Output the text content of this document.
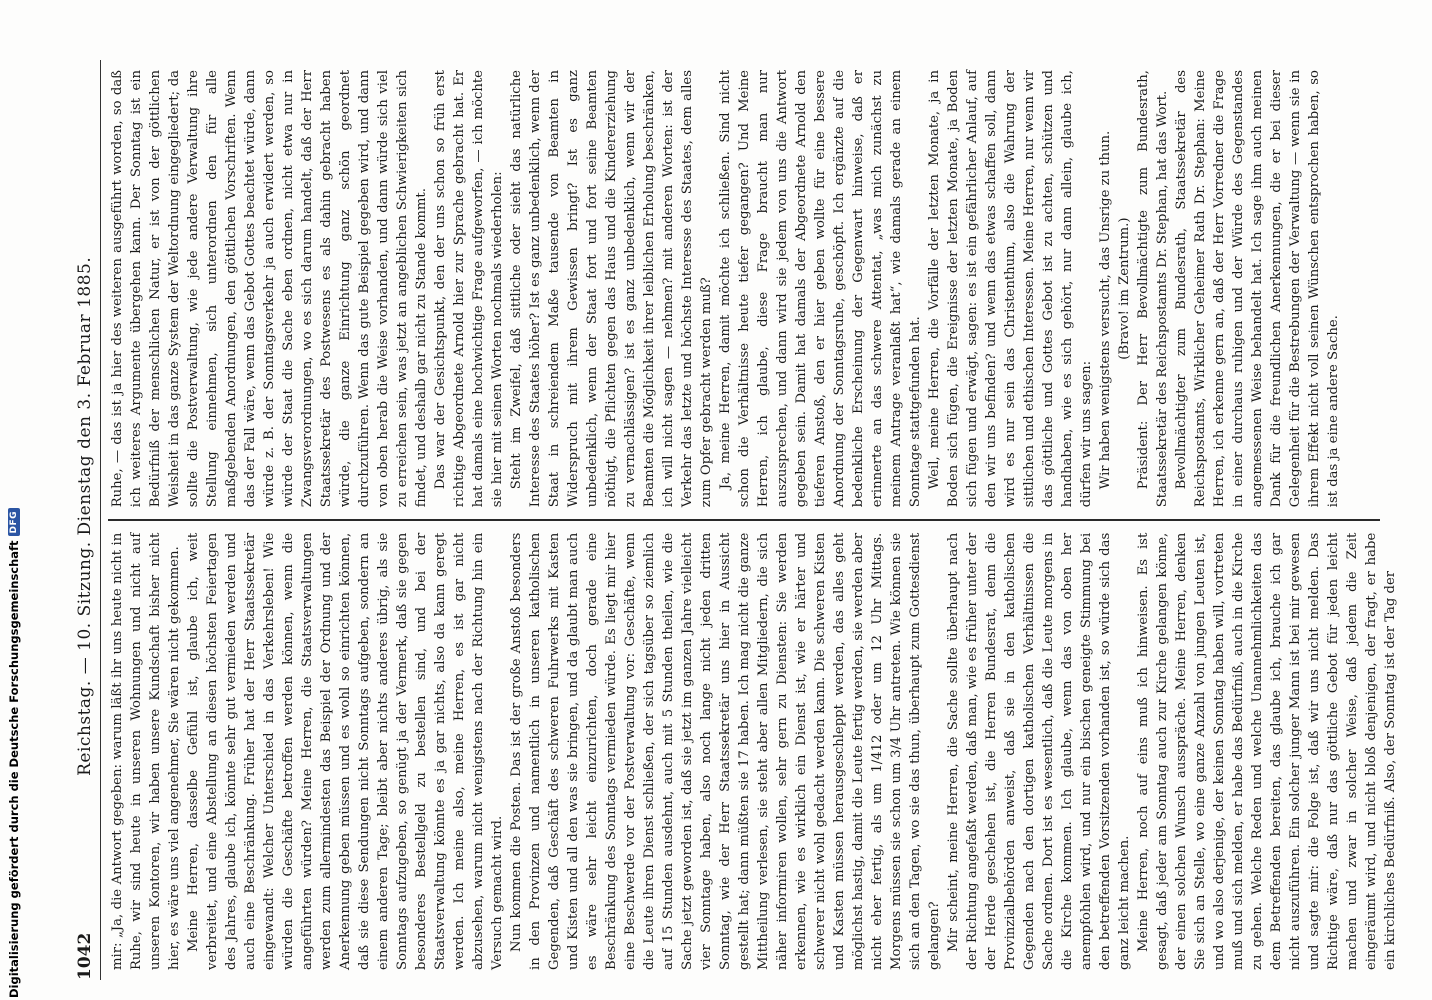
1042
Reichstag. — 10. Sitzung. Dienstag den 3. Februar 1885. mir: „Ja, die Antwort gegeben: warum läßt ihr uns heute nicht in Ruhe, wir sind heute in unseren Wohnungen und nicht auf unseren Kontoren, wir haben unsere Kundschaft bisher nicht hier, es wäre uns viel angenehmer, Sie wären nicht gekommen. Meine Herren, dasselbe Gefühl ist, glaube ich, weit verbreitet, und eine Abstellung an diesen höchsten Feiertagen des Jahres, glaube ich, könnte sehr gut vermieden werden und auch eine Beschränkung. Früher hat der Herr Staatssekretär eingewandt: Welcher Unterschied in das Verkehrsleben! Wie würden die Geschäfte betroffen werden können, wenn die angeführten würden? Meine Herren, die Staatsverwaltungen werden zum allermindesten das Beispiel der Ordnung und der Anerkennung geben müssen und es wohl so einrichten können, daß sie diese Sendungen nicht Sonntags aufgeben, sondern an einem anderen Tage; bleibt aber nichts anderes übrig, als sie Sonntags aufzugeben, so genügt ja der Vermerk, daß sie gegen besonderes Bestellgeld zu bestellen sind, und bei der Staatsverwaltung könnte es ja gar nichts, also da kann geregt werden. Ich meine also, meine Herren, es ist gar nicht abzusehen, warum nicht wenigstens nach der Richtung hin ein Versuch gemacht wird. Nun kommen die Posten. Das ist der große Anstoß besonders in den Provinzen und namentlich in unseren katholischen Gegenden, daß Geschäft des schweren Fuhrwerks mit Kasten und Kisten und all den was sie bringen, und da glaubt man auch es wäre sehr leicht einzurichten, doch gerade eine Beschränkung des Sonntags vermieden würde. Es liegt mir hier eine Beschwerde vor der Postverwaltung vor: Geschäfte, wenn die Leute ihren Dienst schließen, der sich tagsüber so ziemlich auf 15 Stunden ausdehnt, auch mit 5 Stunden theilen, wie die Sache jetzt geworden ist, daß sie jetzt im ganzen Jahre vielleicht vier Sonntage haben, also noch lange nicht jeden dritten Sonntag, wie der Herr Staatssekretär uns hier in Aussicht gestellt hat; dann müßten sie 17 haben. Ich mag nicht die ganze Mittheilung verlesen, sie steht aber allen Mitgliedern, die sich näher informiren wollen, sehr gern zu Diensten: Sie werden erkennen, wie es wirklich ein Dienst ist, wie er härter und schwerer nicht wohl gedacht werden kann. Die schweren Kisten und Kasten müssen herausgeschleppt werden, das alles geht möglichst hastig, damit die Leute fertig werden, sie werden aber nicht eher fertig, als um 1/412 oder um 12 Uhr Mittags. Morgens müssen sie schon um 3/4 Uhr antreten. Wie können sie sich an den Tagen, wo sie das thun, überhaupt zum Gottesdienst gelangen? Mir scheint, meine Herren, die Sache sollte überhaupt nach der Richtung angefaßt werden, daß man, wie es früher unter der der Herde geschehen ist, die Herren Bundesrat, denn die Provinzialbehörden anweist, daß sie in den katholischen Gegenden nach den dortigen katholischen Verhältnissen die Sache ordnen. Dort ist es wesentlich, daß die Leute morgens in die Kirche kommen. Ich glaube, wenn das von oben her anempfohlen wird, und nur ein bischen geneigte Stimmung bei den betreffenden Vorsitzenden vorhanden ist, so würde sich das ganz leicht machen. Meine Herren, noch auf eins muß ich hinweisen. Es ist gesagt, daß jeder am Sonntag auch zur Kirche gelangen könne, der einen solchen Wunsch ausspräche. Meine Herren, denken Sie sich an Stelle, wo eine ganze Anzahl von jungen Leuten ist, und wo also derjenige, der keinen Sonntag haben will, vortreten muß und sich melden, er habe das Bedürfniß, auch in die Kirche zu gehen. Welche Reden und welche Unannehmlichkeiten das dem Betreffenden bereiten, das glaube ich, brauche ich gar nicht auszuführen. Ein solcher junger Mann ist bei mir gewesen und sagte mir: die Folge ist, daß wir uns nicht melden. Das Richtige wäre, daß nur das göttliche Gebot für jeden leicht machen und zwar in solcher Weise, daß jedem die Zeit eingeräumt wird, und nicht bloß denjenigen, der fragt, er habe ein kirchliches Bedürfniß. Also, der Sonntag ist der Tag der

Ruhe, — das ist ja hier des weiteren ausgeführt worden, so daß ich weiteres Argumente übergehen kann. Der Sonntag ist ein Bedürfniß der menschlichen Natur, er ist von der göttlichen Weisheit in das ganze System der Weltordnung eingegliedert; da sollte die Postverwaltung, wie jede andere Verwaltung ihre Stellung einnehmen, sich unterordnen den für alle maßgebenden Anordnungen, den göttlichen Vorschriften. Wenn das der Fall wäre, wenn das Gebot Gottes beachtet würde, dann würde z. B. der Sonntagsverkehr ja auch erwidert werden, so würde der Staat die Sache eben ordnen, nicht etwa nur in Zwangsverordnungen, wo es sich darum handelt, daß der Herr Staatssekretär des Postwesens es als dahin gebracht haben würde, die ganze Einrichtung ganz schön geordnet durchzuführen. Wenn das gute Beispiel gegeben wird, und dann von oben herab die Weise vorhanden, und dann würde sich viel zu erreichen sein, was jetzt an angeblichen Schwierigkeiten sich findet, und deshalb gar nicht zu Stande kommt. Das war der Gesichtspunkt, den der uns schon so früh erst richtige Abgeordnete Arnold hier zur Sprache gebracht hat. Er hat damals eine hochwichtige Frage aufgeworfen, — ich möchte sie hier mit seinen Worten nochmals wiederholen: Steht im Zweifel, daß sittliche oder sieht das natürliche Interesse des Staates höher? Ist es ganz unbedenklich, wenn der Staat in schreiendem Maße tausende von Beamten in Widerspruch mit ihrem Gewissen bringt? Ist es ganz unbedenklich, wenn der Staat fort und fort seine Beamten nöthigt, die Pflichten gegen das Haus und die Kindererziehung zu vernachlässigen? ist es ganz unbedenklich, wenn wir der Beamten die Möglichkeit ihrer leiblichen Erholung beschränken, ich will nicht sagen — nehmen? mit anderen Worten: ist der Verkehr das letzte und höchste Interesse des Staates, dem alles zum Opfer gebracht werden muß? Ja, meine Herren, damit möchte ich schließen. Sind nicht schon die Verhältnisse heute tiefer gegangen? Und Meine Herren, ich glaube, diese Frage braucht man nur auszusprechen, und dann wird sie jedem von uns die Antwort gegeben sein. Damit hat damals der Abgeordnete Arnold den tieferen Anstoß, den er hier geben wollte für eine bessere Anordnung der Sonntagsruhe, geschöpft. Ich ergänzte auf die bedenkliche Erscheinung der Gegenwart hinweise, daß er erinnerte an das schwere Attentat, „was mich zunächst zu meinem Antrage veranlaßt hat“, wie damals gerade an einem Sonntage stattgefunden hat. Weil, meine Herren, die Vorfälle der letzten Monate, ja in Boden sich fügen, die Ereignisse der letzten Monate, ja Boden sich fügen und erwägt, sagen: es ist ein gefährlicher Anlauf, auf den wir uns befinden? und wenn das etwas schaffen soll, dann wird es nur sein das Christenthum, also die Wahrung der sittlichen und ethischen Interessen. Meine Herren, nur wenn wir das göttliche und Gottes Gebot ist zu achten, schützen und handhaben, wie es sich gehört, nur dann allein, glaube ich, dürfen wir uns sagen: Wir haben wenigstens versucht, das Unsrige zu thun. (Bravo! im Zentrum.) Präsident: Der Herr Bevollmächtigte zum Bundesrath, Staatssekretär des Reichspostamts Dr. Stephan, hat das Wort. Bevollmächtigter zum Bundesrath, Staatssekretär des Reichspostamts, Wirklicher Geheimer Rath Dr. Stephan: Meine Herren, ich erkenne gern an, daß der Herr Vorredner die Frage in einer durchaus ruhigen und der Würde des Gegenstandes angemessenen Weise behandelt hat. Ich sage ihm auch meinen Dank für die freundlichen Anerkennungen, die er bei dieser Gelegenheit für die Bestrebungen der Verwaltung — wenn sie in ihrem Effekt nicht voll seinen Wünschen entsprochen haben, so ist das ja eine andere Sache.

Digitalisierung gefördert durch die Deutsche Forschungsgemeinschaft
DFG
